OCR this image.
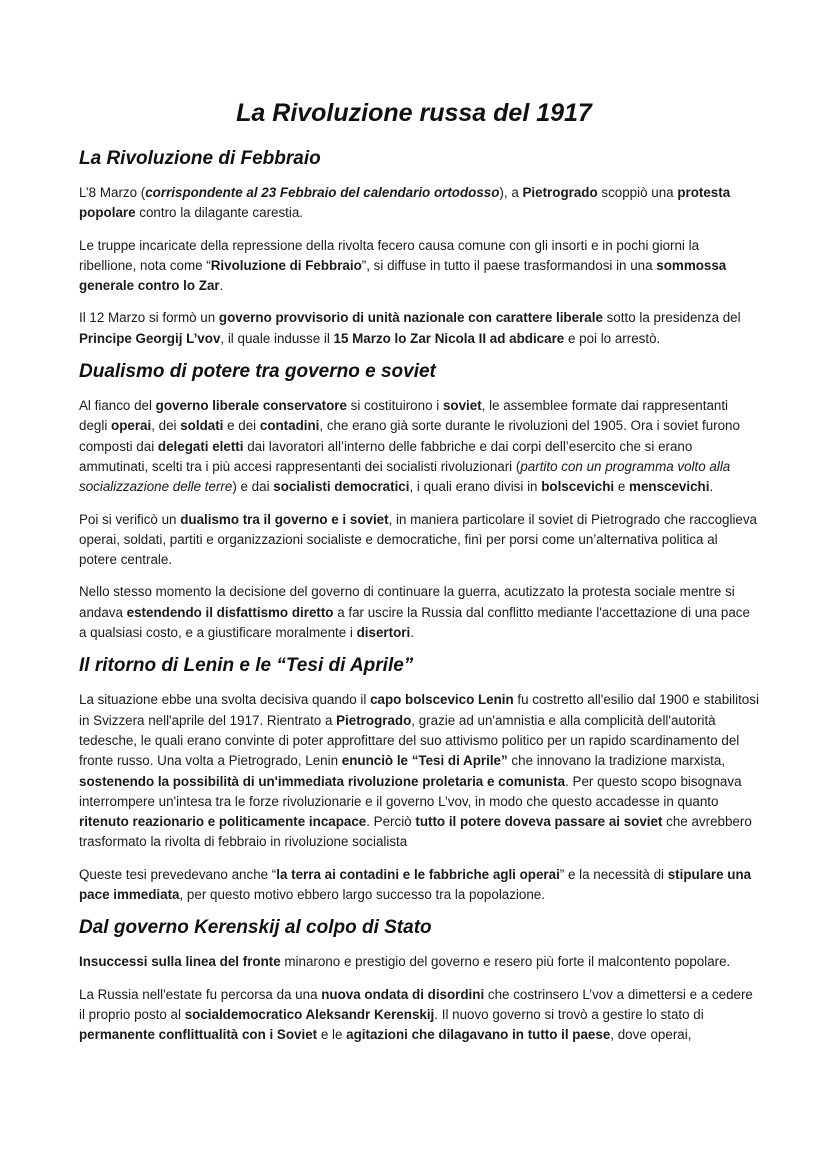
La Rivoluzione russa del 1917
La Rivoluzione di Febbraio

L’8 Marzo (corrispondente al 23 Febbraio del calendario ortodosso), a Pietrogrado scoppiò una protesta popolare contro la dilagante carestia.

Le truppe incaricate della repressione della rivolta fecero causa comune con gli insorti e in pochi giorni la ribellione, nota come “Rivoluzione di Febbraio”, si diffuse in tutto il paese trasformandosi in una sommossa generale contro lo Zar.

Il 12 Marzo si formò un governo provvisorio di unità nazionale con carattere liberale sotto la presidenza del Principe Georgij L’vov, il quale indusse il 15 Marzo lo Zar Nicola II ad abdicare e poi lo arrestò.

Dualismo di potere tra governo e soviet

Al fianco del governo liberale conservatore si costituirono i soviet, le assemblee formate dai rappresentanti degli operai, dei soldati e dei contadini, che erano già sorte durante le rivoluzioni del 1905. Ora i soviet furono composti dai delegati eletti dai lavoratori all’interno delle fabbriche e dai corpi dell’esercito che si erano ammutinati, scelti tra i più accesi rappresentanti dei socialisti rivoluzionari (partito con un programma volto alla socializzazione delle terre) e dai socialisti democratici, i quali erano divisi in bolscevichi e menscevichi.

Poi si verificò un dualismo tra il governo e i soviet, in maniera particolare il soviet di Pietrogrado che raccoglieva operai, soldati, partiti e organizzazioni socialiste e democratiche, finì per porsi come un’alternativa politica al potere centrale.

Nello stesso momento la decisione del governo di continuare la guerra, acutizzato la protesta sociale mentre si andava estendendo il disfattismo diretto a far uscire la Russia dal conflitto mediante l'accettazione di una pace a qualsiasi costo, e a giustificare moralmente i disertori.

Il ritorno di Lenin e le “Tesi di Aprile”

La situazione ebbe una svolta decisiva quando il capo bolscevico Lenin fu costretto all'esilio dal 1900 e stabilitosi in Svizzera nell'aprile del 1917. Rientrato a Pietrogrado, grazie ad un'amnistia e alla complicità dell'autorità tedesche, le quali erano convinte di poter approfittare del suo attivismo politico per un rapido scardinamento del fronte russo. Una volta a Pietrogrado, Lenin enunciò le “Tesi di Aprile” che innovano la tradizione marxista, sostenendo la possibilità di un'immediata rivoluzione proletaria e comunista. Per questo scopo bisognava interrompere un'intesa tra le forze rivoluzionarie e il governo L’vov, in modo che questo accadesse in quanto ritenuto reazionario e politicamente incapace. Perciò tutto il potere doveva passare ai soviet che avrebbero trasformato la rivolta di febbraio in rivoluzione socialista

Queste tesi prevedevano anche “la terra ai contadini e le fabbriche agli operai” e la necessità di stipulare una pace immediata, per questo motivo ebbero largo successo tra la popolazione.

Dal governo Kerenskij al colpo di Stato

Insuccessi sulla linea del fronte minarono e prestigio del governo e resero più forte il malcontento popolare.

La Russia nell'estate fu percorsa da una nuova ondata di disordini che costrinsero L’vov a dimettersi e a cedere il proprio posto al socialdemocratico Aleksandr Kerenskij. Il nuovo governo si trovò a gestire lo stato di permanente conflittualità con i Soviet e le agitazioni che dilagavano in tutto il paese, dove operai,
